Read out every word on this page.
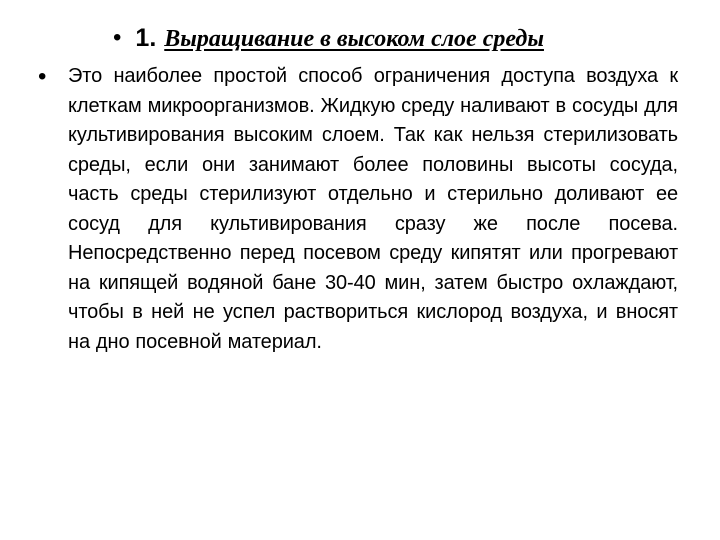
• 1 . Выращивание в высоком слое среды
• Это наиболее простой способ ограничения доступа воздуха к клеткам микроорганизмов. Жидкую среду наливают в сосуды для культивирования высоким слоем. Так как нельзя стерилизовать среды, если они занимают более половины высоты сосуда, часть среды стерилизуют отдельно и стерильно доливают ее сосуд для культивирования сразу же после посева. Непосредственно перед посевом среду кипятят или прогревают на кипящей водяной бане 30-40 мин, затем быстро охлаждают, чтобы в ней не успел раствориться кислород воздуха, и вносят на дно посевной материал.
